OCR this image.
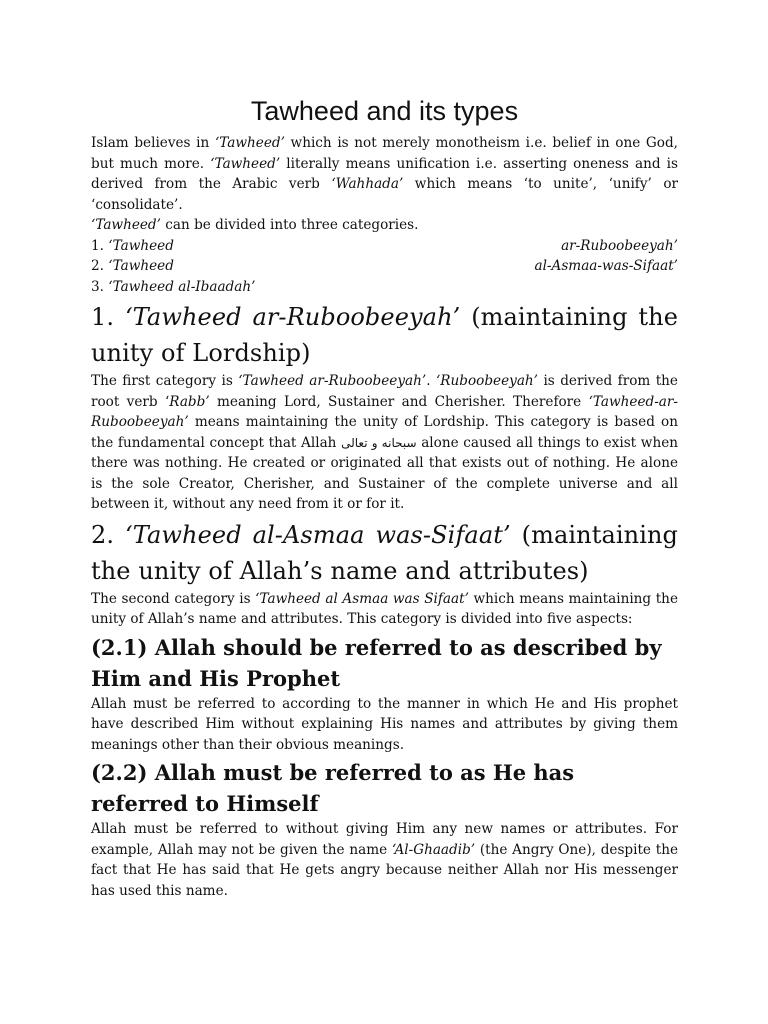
Tawheed and its types

Islam believes in ‘Tawheed’ which is not merely monotheism i.e. belief in one God, but much more. ‘Tawheed’ literally means unification i.e. asserting oneness and is derived from the Arabic verb ‘Wahhada’ which means ‘to unite’, ‘unify’ or ‘consolidate’.

‘Tawheed’ can be divided into three categories.

1. ‘Tawheed	ar-Ruboobeeyah’
2. ‘Tawheed	al-Asmaa-was-Sifaat’
3. ‘Tawheed al-Ibaadah’
1. ‘Tawheed ar-Ruboobeeyah’ (maintaining the unity of Lordship)

The first category is ‘Tawheed ar-Ruboobeeyah’. ‘Ruboobeeyah’ is derived from the root verb ‘Rabb’ meaning Lord, Sustainer and Cherisher. Therefore ‘Tawheed-ar-Ruboobeeyah’ means maintaining the unity of Lordship. This category is based on the fundamental concept that Allah سبحانه و تعالى alone caused all things to exist when there was nothing. He created or originated all that exists out of nothing. He alone is the sole Creator, Cherisher, and Sustainer of the complete universe and all between it, without any need from it or for it.

2. ‘Tawheed al-Asmaa was-Sifaat’ (maintaining the unity of Allah’s name and attributes)

The second category is ‘Tawheed al Asmaa was Sifaat’ which means maintaining the unity of Allah’s name and attributes. This category is divided into five aspects:

(2.1) Allah should be referred to as described by Him and His Prophet

Allah must be referred to according to the manner in which He and His prophet have described Him without explaining His names and attributes by giving them meanings other than their obvious meanings.

(2.2) Allah must be referred to as He has referred to Himself

Allah must be referred to without giving Him any new names or attributes. For example, Allah may not be given the name ‘Al-Ghaadib’ (the Angry One), despite the fact that He has said that He gets angry because neither Allah nor His messenger has used this name.
